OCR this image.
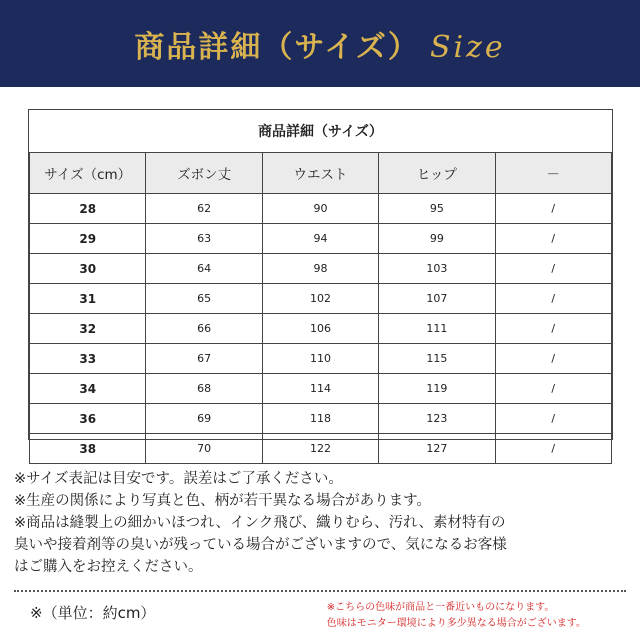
商品詳細（サイズ） Size
商品詳細（サイズ）				
サイズ（cm）	ズボン丈	ウエスト	ヒップ	－
28	62	90	95	/
29	63	94	99	/
30	64	98	103	/
31	65	102	107	/
32	66	106	111	/
33	67	110	115	/
34	68	114	119	/
36	69	118	123	/
38	70	122	127	/
※サイズ表記は目安です。誤差はご了承ください。
※生産の関係により写真と色、柄が若干異なる場合があります。
※商品は縫製上の細かいほつれ、インク飛び、織りむら、汚れ、素材特有の
臭いや接着剤等の臭いが残っている場合がございますので、気になるお客様
はご購入をお控えください。
※（単位：約cm）	※こちらの色味が商品と一番近いものになります。
色味はモニター環境により多少異なる場合がございます。
